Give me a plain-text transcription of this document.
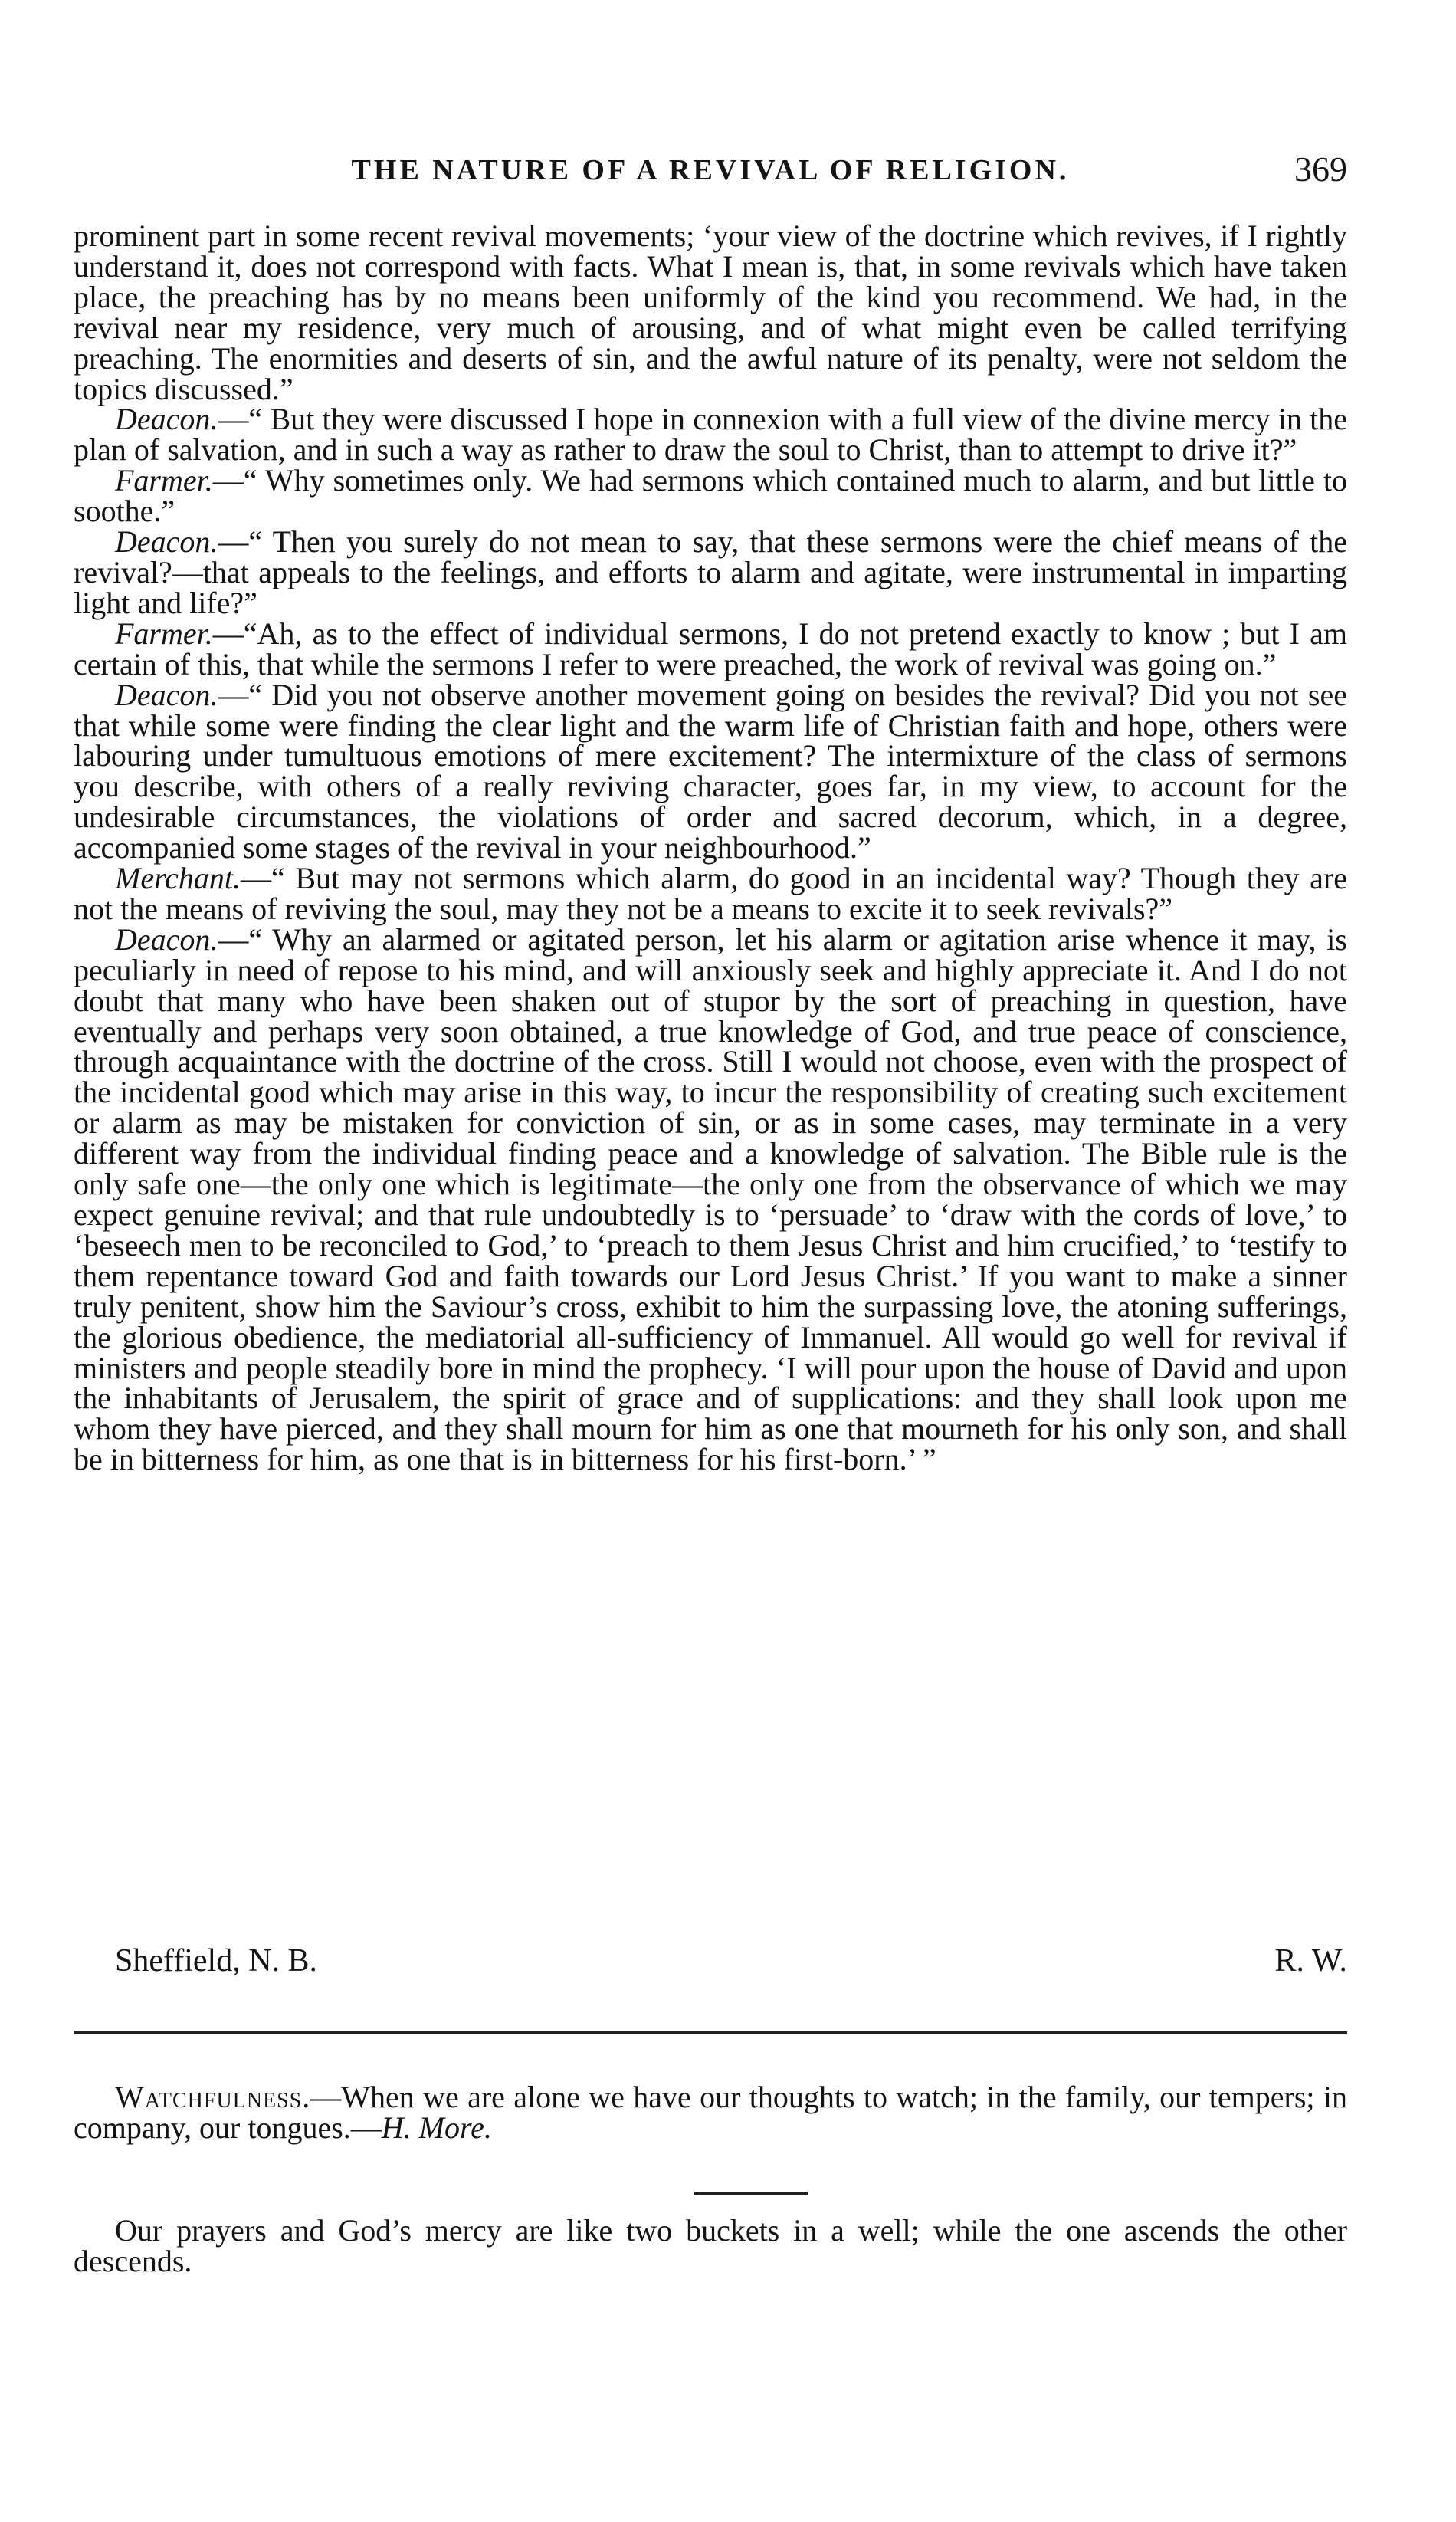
THE NATURE OF A REVIVAL OF RELIGION.	369

prominent part in some recent revival movements; ‘your view of the doctrine which revives, if I rightly understand it, does not correspond with facts. What I mean is, that, in some revivals which have taken place, the preaching has by no means been uniformly of the kind you recommend. We had, in the revival near my residence, very much of arousing, and of what might even be called terrifying preaching. The enormities and deserts of sin, and the awful nature of its penalty, were not seldom the topics discussed.”

Deacon.—“ But they were discussed I hope in connexion with a full view of the divine mercy in the plan of salvation, and in such a way as rather to draw the soul to Christ, than to attempt to drive it?”

Farmer.—“ Why sometimes only. We had sermons which contained much to alarm, and but little to soothe.”

Deacon.—“ Then you surely do not mean to say, that these sermons were the chief means of the revival?—that appeals to the feelings, and efforts to alarm and agitate, were instrumental in imparting light and life?”

Farmer.—“Ah, as to the effect of individual sermons, I do not pretend exactly to know ; but I am certain of this, that while the sermons I refer to were preached, the work of revival was going on.”

Deacon.—“ Did you not observe another movement going on besides the revival? Did you not see that while some were finding the clear light and the warm life of Christian faith and hope, others were labouring under tumultuous emotions of mere excitement? The intermixture of the class of sermons you describe, with others of a really reviving character, goes far, in my view, to account for the undesirable circumstances, the violations of order and sacred decorum, which, in a degree, accompanied some stages of the revival in your neighbourhood.”

Merchant.—“ But may not sermons which alarm, do good in an incidental way? Though they are not the means of reviving the soul, may they not be a means to excite it to seek revivals?”

Deacon.—“ Why an alarmed or agitated person, let his alarm or agitation arise whence it may, is peculiarly in need of repose to his mind, and will anxiously seek and highly appreciate it. And I do not doubt that many who have been shaken out of stupor by the sort of preaching in question, have eventually and perhaps very soon obtained, a true knowledge of God, and true peace of conscience, through acquaintance with the doctrine of the cross. Still I would not choose, even with the prospect of the incidental good which may arise in this way, to incur the responsibility of creating such excitement or alarm as may be mistaken for conviction of sin, or as in some cases, may terminate in a very different way from the individual finding peace and a knowledge of salvation. The Bible rule is the only safe one—the only one which is legitimate—the only one from the observance of which we may expect genuine revival; and that rule undoubtedly is to ‘persuade’ to ‘draw with the cords of love,’ to ‘beseech men to be reconciled to God,’ to ‘preach to them Jesus Christ and him crucified,’ to ‘testify to them repentance toward God and faith towards our Lord Jesus Christ.’ If you want to make a sinner truly penitent, show him the Saviour’s cross, exhibit to him the surpassing love, the atoning sufferings, the glorious obedience, the mediatorial all-sufficiency of Immanuel. All would go well for revival if ministers and people steadily bore in mind the prophecy. ‘I will pour upon the house of David and upon the inhabitants of Jerusalem, the spirit of grace and of supplications: and they shall look upon me whom they have pierced, and they shall mourn for him as one that mourneth for his only son, and shall be in bitterness for him, as one that is in bitterness for his first-born.’ ”

Sheffield, N. B.	R. W.

Watchfulness.—When we are alone we have our thoughts to watch; in the family, our tempers; in company, our tongues.—H. More.

Our prayers and God’s mercy are like two buckets in a well; while the one ascends the other descends.
